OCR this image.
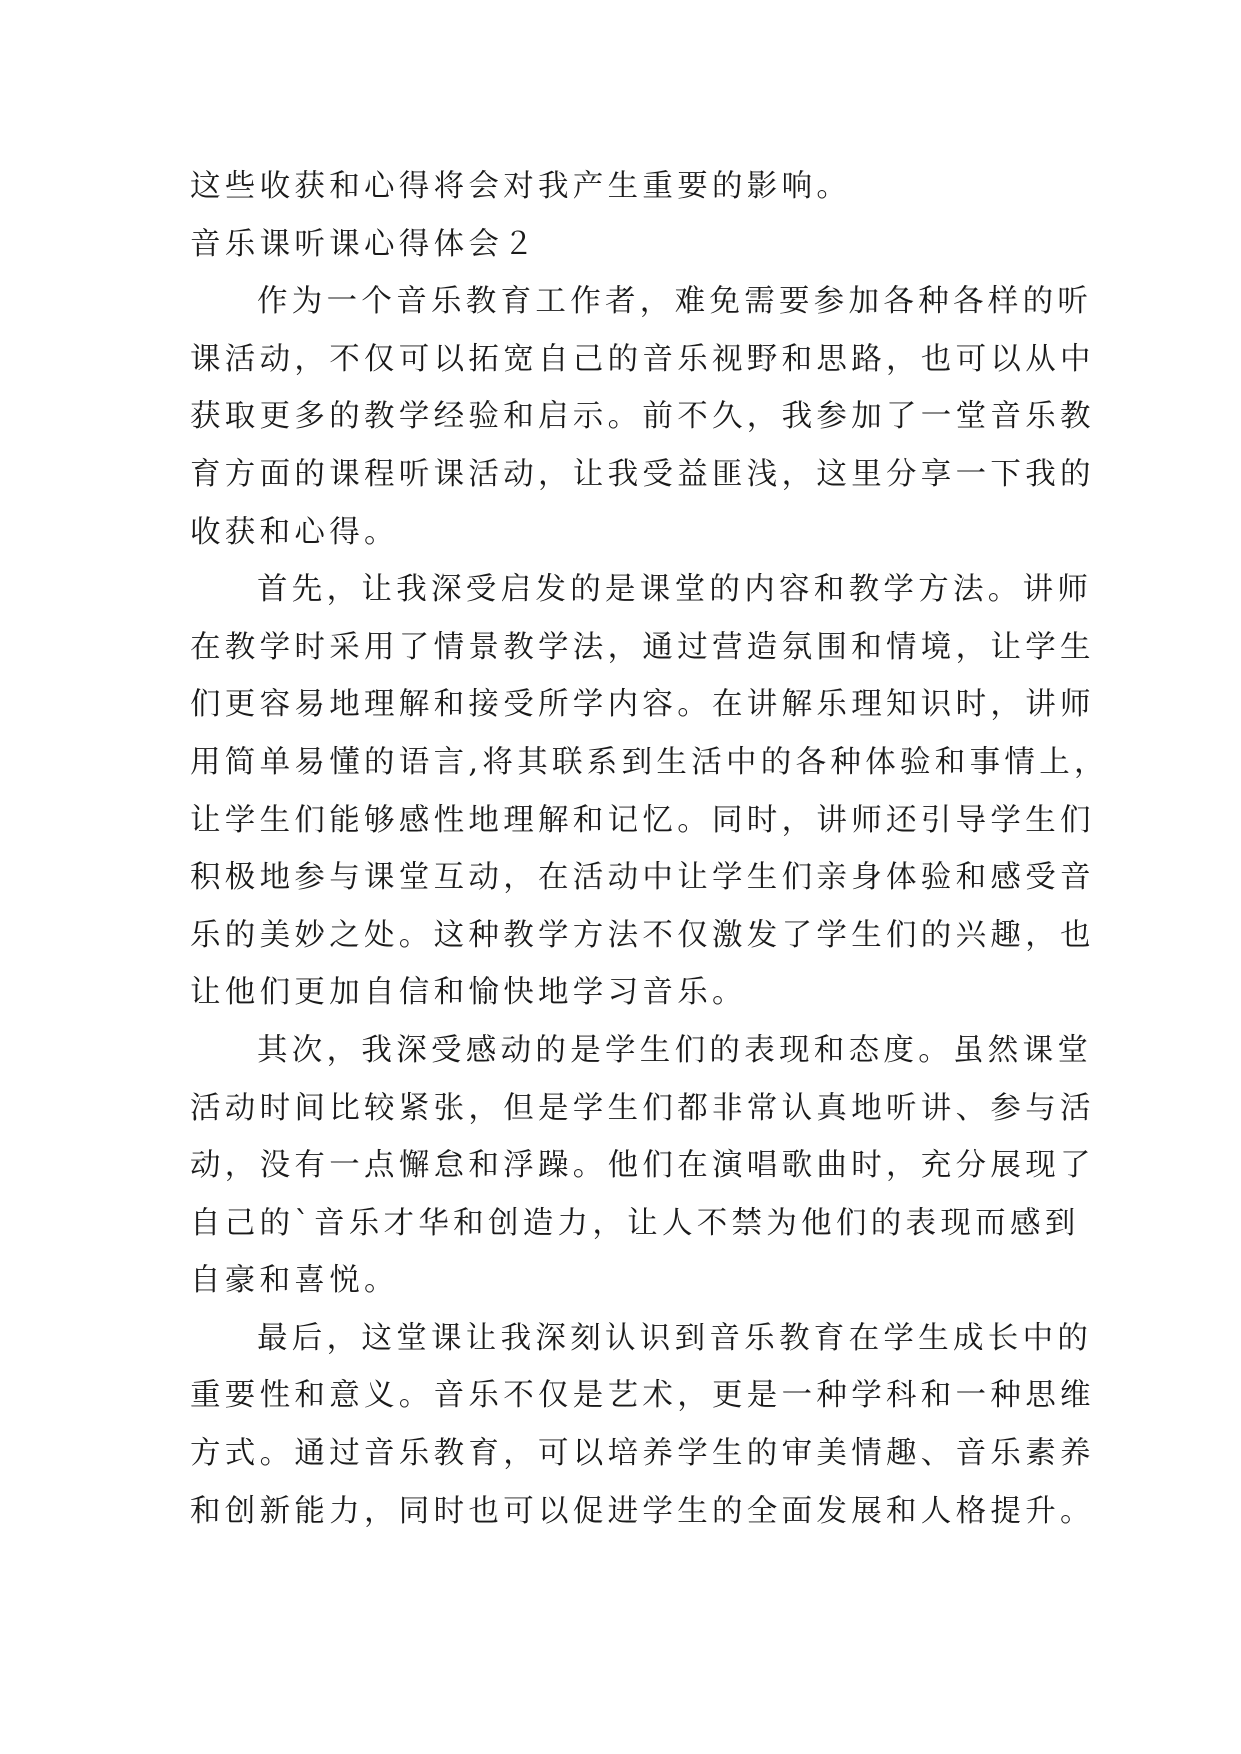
这些收获和心得将会对我产生重要的影响。

音乐课听课心得体会２

作为一个音乐教育工作者，难免需要参加各种各样的听

课活动，不仅可以拓宽自己的音乐视野和思路，也可以从中

获取更多的教学经验和启示。前不久，我参加了一堂音乐教

育方面的课程听课活动，让我受益匪浅，这里分享一下我的

收获和心得。

首先，让我深受启发的是课堂的内容和教学方法。讲师

在教学时采用了情景教学法，通过营造氛围和情境，让学生

们更容易地理解和接受所学内容。在讲解乐理知识时，讲师

用简单易懂的语言,将其联系到生活中的各种体验和事情上，

让学生们能够感性地理解和记忆。同时，讲师还引导学生们

积极地参与课堂互动，在活动中让学生们亲身体验和感受音

乐的美妙之处。这种教学方法不仅激发了学生们的兴趣，也

让他们更加自信和愉快地学习音乐。

其次，我深受感动的是学生们的表现和态度。虽然课堂

活动时间比较紧张，但是学生们都非常认真地听讲、参与活

动，没有一点懈怠和浮躁。他们在演唱歌曲时，充分展现了

自己的`音乐才华和创造力，让人不禁为他们的表现而感到

自豪和喜悦。

最后，这堂课让我深刻认识到音乐教育在学生成长中的

重要性和意义。音乐不仅是艺术，更是一种学科和一种思维

方式。通过音乐教育，可以培养学生的审美情趣、音乐素养

和创新能力，同时也可以促进学生的全面发展和人格提升。
